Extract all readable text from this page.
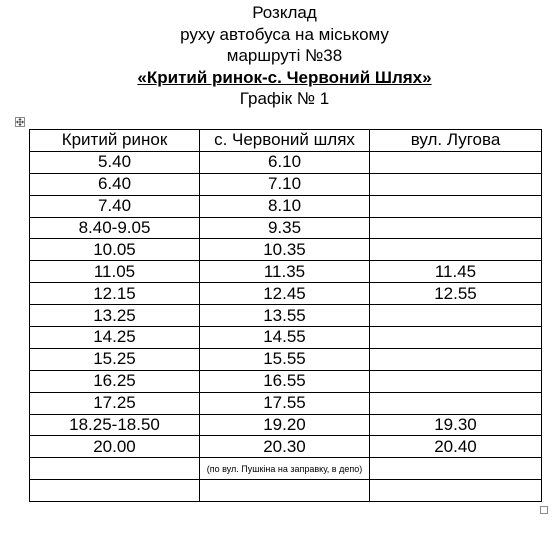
Розклад
руху автобуса на міському
маршруті №38
«Критий ринок-с. Червоний Шлях»
Графік № 1
Критий ринок	с. Червоний шлях	вул. Лугова
5.40	6.10	
6.40	7.10	
7.40	8.10	
8.40-9.05	9.35	
10.05	10.35	
11.05	11.35	11.45
12.15	12.45	12.55
13.25	13.55	
14.25	14.55	
15.25	15.55	
16.25	16.55	
17.25	17.55	
18.25-18.50	19.20	19.30
20.00	20.30	20.40
	(по вул. Пушкіна на заправку, в депо)	
